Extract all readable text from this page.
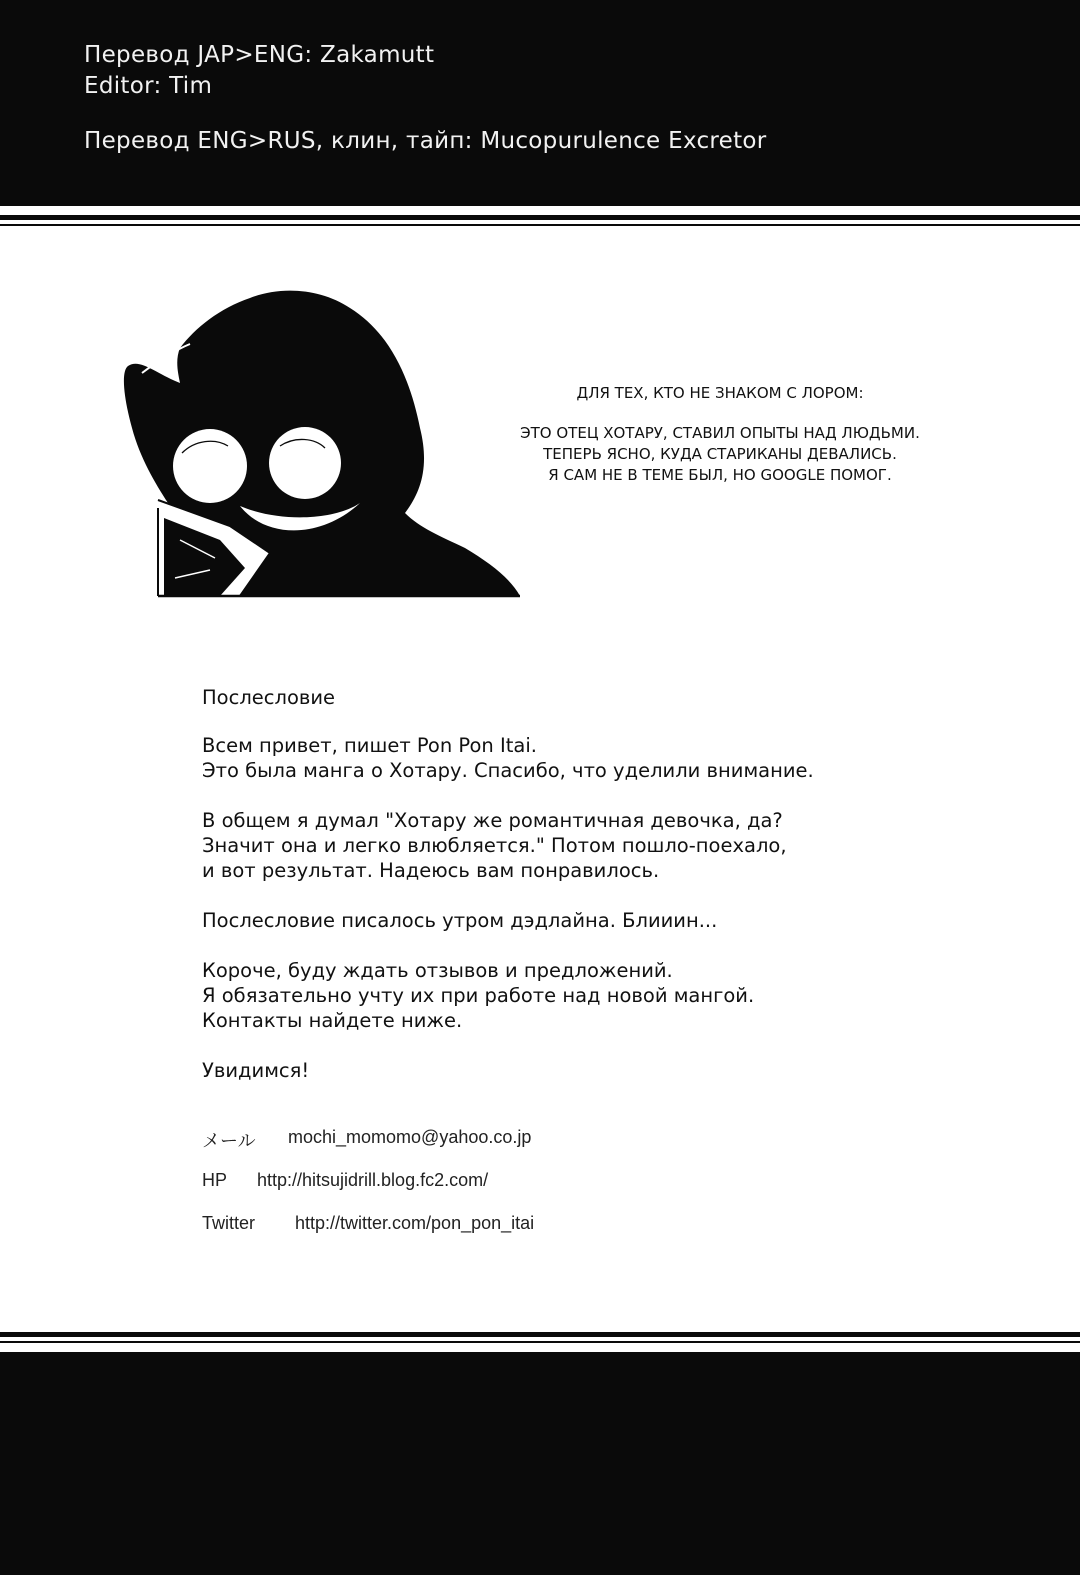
Перевод JAP>ENG: Zakamutt
Editor: Tim
Перевод ENG>RUS, клин, тайп: Mucopurulence Excretor
ДЛЯ ТЕХ, КТО НЕ ЗНАКОМ С ЛОРОМ:
ЭТО ОТЕЦ ХОТАРУ, СТАВИЛ ОПЫТЫ НАД ЛЮДЬМИ.
ТЕПЕРЬ ЯСНО, КУДА СТАРИКАНЫ ДЕВАЛИСЬ.
Я САМ НЕ В ТЕМЕ БЫЛ, НО GOOGLE ПОМОГ.
Послесловие
Всем привет, пишет Pon Pon Itai.
Это была манга о Хотару. Спасибо, что уделили внимание.
В общем я думал "Хотару же романтичная девочка, да?
Значит она и легко влюбляется." Потом пошло-поехало,
и вот результат. Надеюсь вам понравилось.
Послесловие писалось утром дэдлайна. Блииин...
Короче, буду ждать отзывов и предложений.
Я обязательно учту их при работе над новой мангой.
Контакты найдете ниже.
Увидимся!
メール mochi_momomo@yahoo.co.jp
HP http://hitsujidrill.blog.fc2.com/
Twitter http://twitter.com/pon_pon_itai
